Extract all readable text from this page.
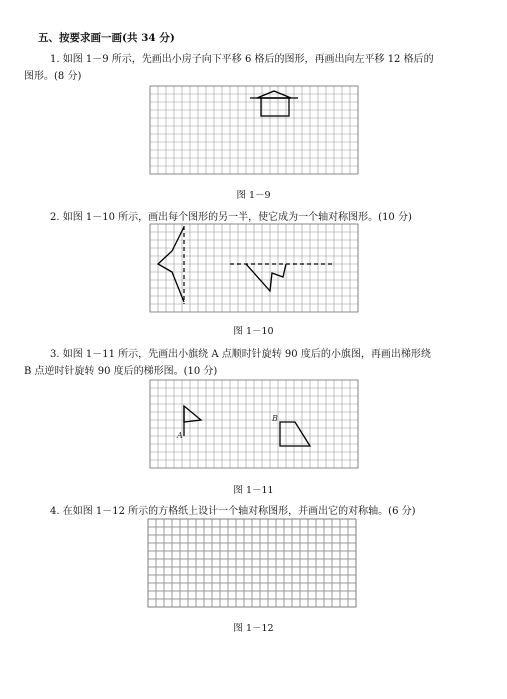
五、按要求画一画(共 34 分)
1. 如图 1－9 所示，先画出小房子向下平移 6 格后的图形，再画出向左平移 12 格后的
图形。(8 分)
图 1－9
2. 如图 1－10 所示，画出每个图形的另一半，使它成为一个轴对称图形。(10 分)
图 1－10
3. 如图 1－11 所示，先画出小旗绕 A 点顺时针旋转 90 度后的小旗图，再画出梯形绕
B 点逆时针旋转 90 度后的梯形图。(10 分)
A
B
图 1－11
4. 在如图 1－12 所示的方格纸上设计一个轴对称图形，并画出它的对称轴。(6 分)
图 1－12
